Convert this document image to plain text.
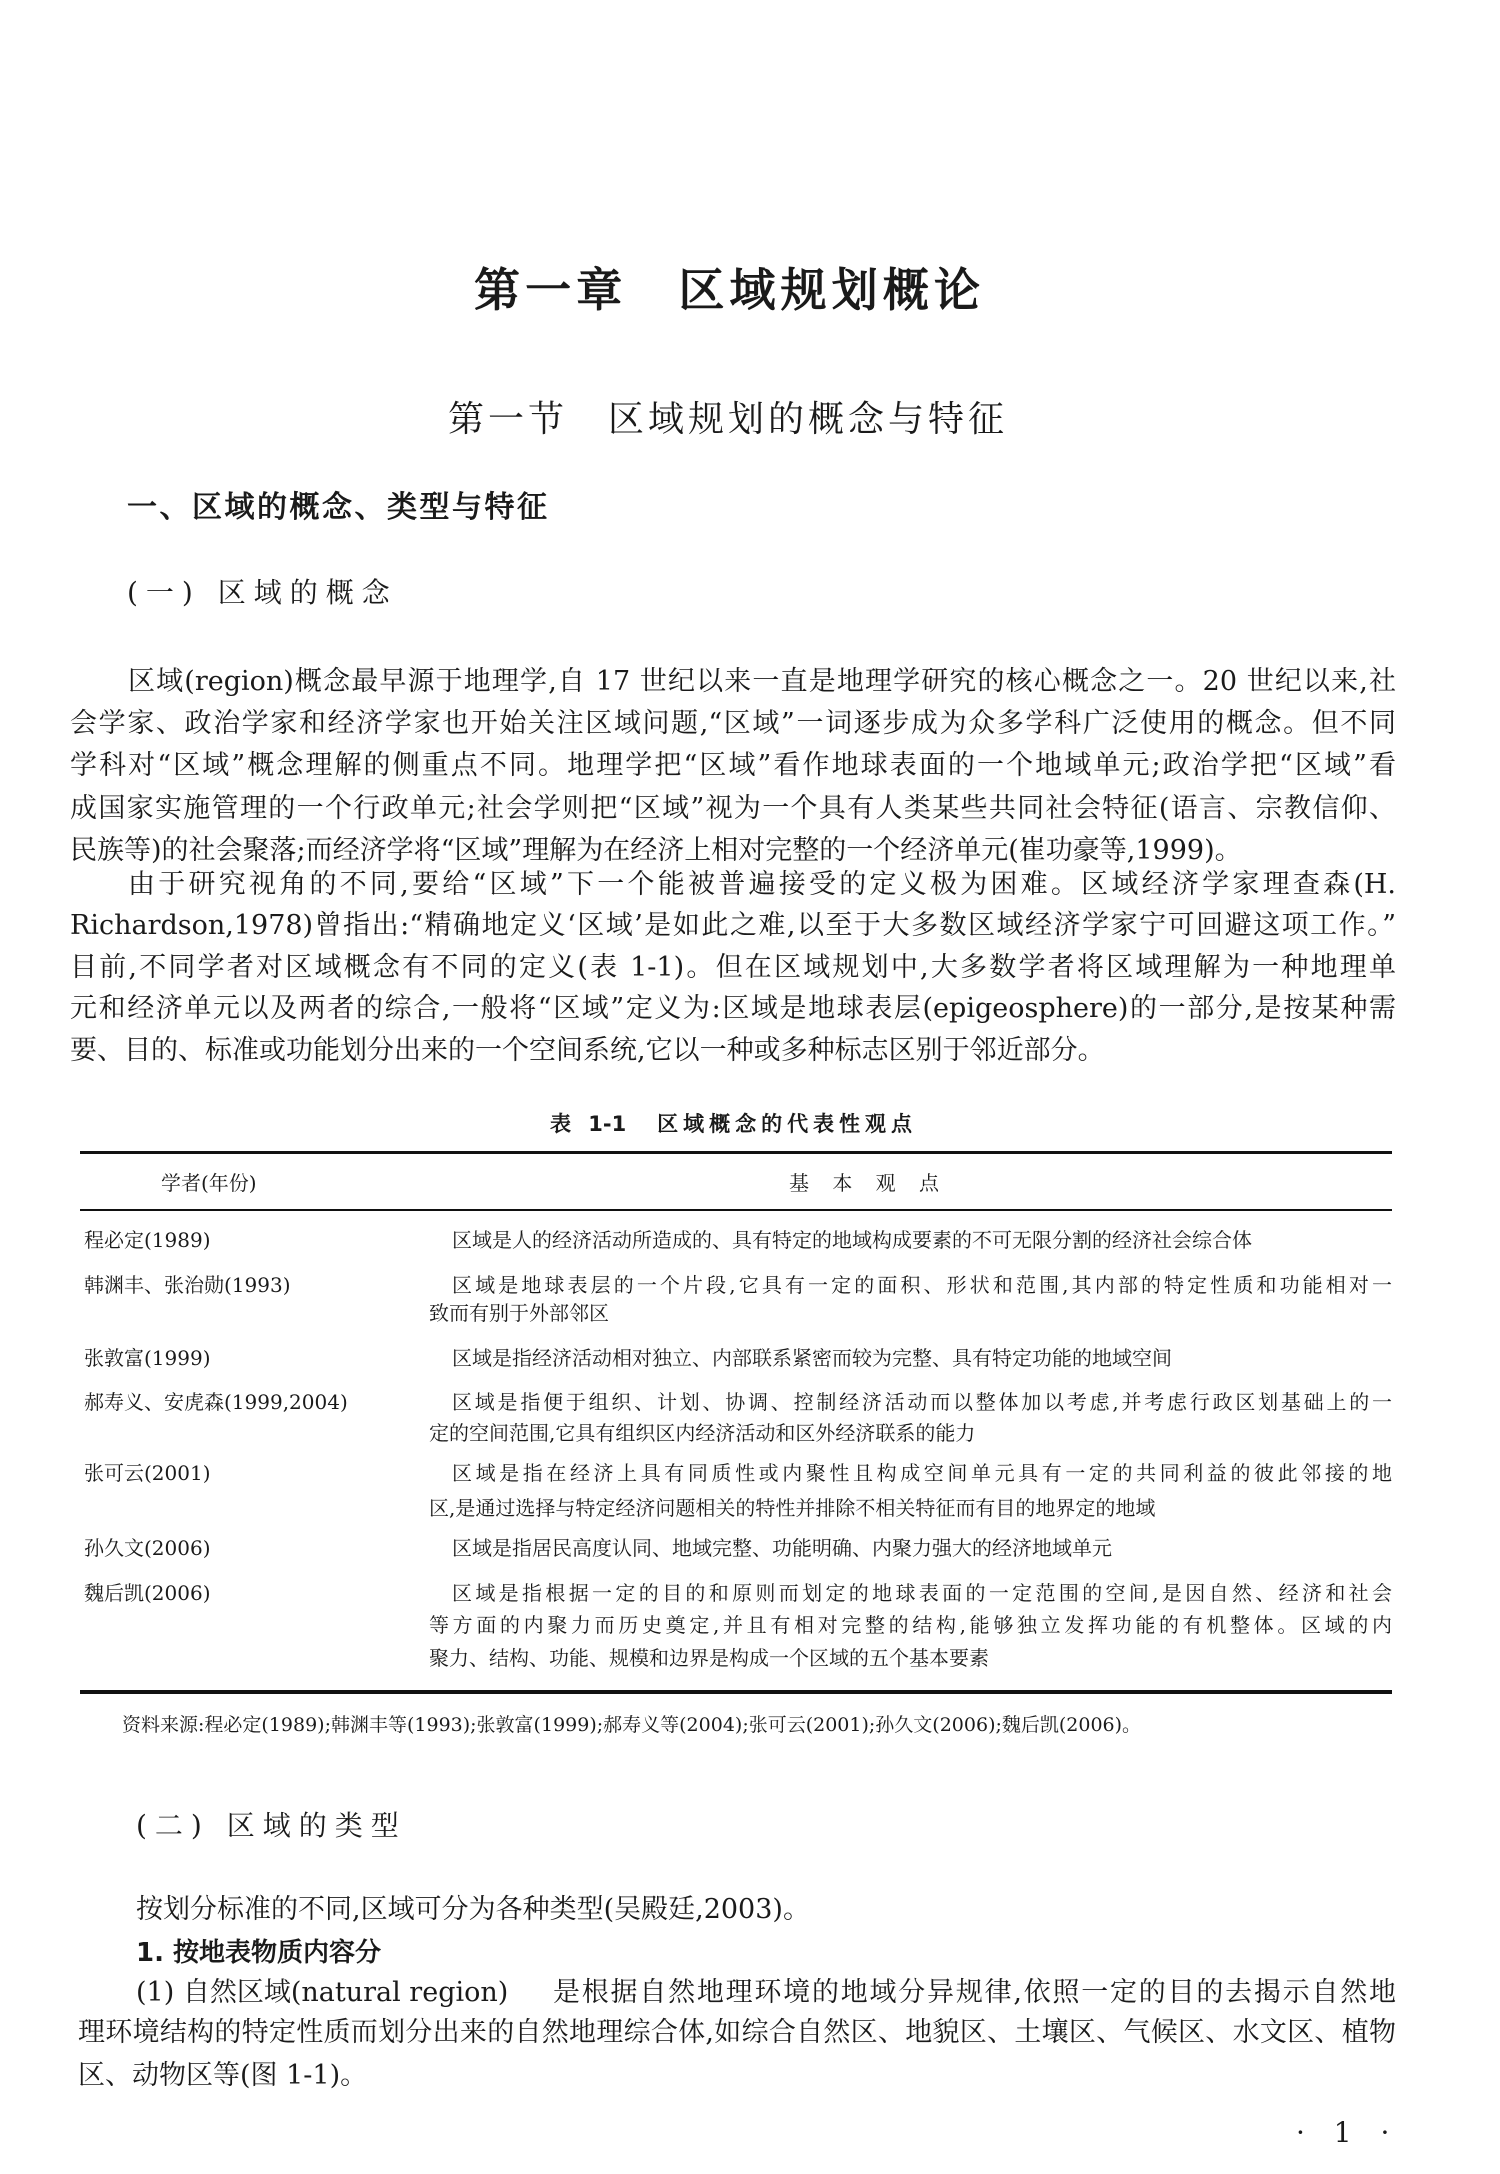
第一章　区域规划概论
第一节　区域规划的概念与特征
一、区域的概念、类型与特征
(一) 区域的概念
区域(region)概念最早源于地理学,自 17 世纪以来一直是地理学研究的核心概念之一。20 世纪以来,社
会学家、政治学家和经济学家也开始关注区域问题,“区域”一词逐步成为众多学科广泛使用的概念。但不同
学科对“区域”概念理解的侧重点不同。地理学把“区域”看作地球表面的一个地域单元;政治学把“区域”看
成国家实施管理的一个行政单元;社会学则把“区域”视为一个具有人类某些共同社会特征(语言、宗教信仰、
民族等)的社会聚落;而经济学将“区域”理解为在经济上相对完整的一个经济单元(崔功豪等,1999)。
由于研究视角的不同,要给“区域”下一个能被普遍接受的定义极为困难。区域经济学家理查森(H.
Richardson,1978)曾指出:“精确地定义‘区域’是如此之难,以至于大多数区域经济学家宁可回避这项工作。”
目前,不同学者对区域概念有不同的定义(表 1-1)。但在区域规划中,大多数学者将区域理解为一种地理单
元和经济单元以及两者的综合,一般将“区域”定义为:区域是地球表层(epigeosphere)的一部分,是按某种需
要、目的、标准或功能划分出来的一个空间系统,它以一种或多种标志区别于邻近部分。
表 1-1　区域概念的代表性观点
学者(年份)	基　本　观　点
程必定(1989)	区域是人的经济活动所造成的、具有特定的地域构成要素的不可无限分割的经济社会综合体
韩渊丰、张治勋(1993)	区域是地球表层的一个片段,它具有一定的面积、形状和范围,其内部的特定性质和功能相对一
致而有别于外部邻区
张敦富(1999)	区域是指经济活动相对独立、内部联系紧密而较为完整、具有特定功能的地域空间
郝寿义、安虎森(1999,2004)	区域是指便于组织、计划、协调、控制经济活动而以整体加以考虑,并考虑行政区划基础上的一
定的空间范围,它具有组织区内经济活动和区外经济联系的能力
张可云(2001)	区域是指在经济上具有同质性或内聚性且构成空间单元具有一定的共同利益的彼此邻接的地
区,是通过选择与特定经济问题相关的特性并排除不相关特征而有目的地界定的地域
孙久文(2006)	区域是指居民高度认同、地域完整、功能明确、内聚力强大的经济地域单元
魏后凯(2006)	区域是指根据一定的目的和原则而划定的地球表面的一定范围的空间,是因自然、经济和社会
等方面的内聚力而历史奠定,并且有相对完整的结构,能够独立发挥功能的有机整体。区域的内
聚力、结构、功能、规模和边界是构成一个区域的五个基本要素
资料来源:程必定(1989);韩渊丰等(1993);张敦富(1999);郝寿义等(2004);张可云(2001);孙久文(2006);魏后凯(2006)。
(二) 区域的类型
按划分标准的不同,区域可分为各种类型(吴殿廷,2003)。
1. 按地表物质内容分
(1) 自然区域(natural region) 是根据自然地理环境的地域分异规律,依照一定的目的去揭示自然地
理环境结构的特定性质而划分出来的自然地理综合体,如综合自然区、地貌区、土壤区、气候区、水文区、植物
区、动物区等(图 1-1)。
· 1 ·
